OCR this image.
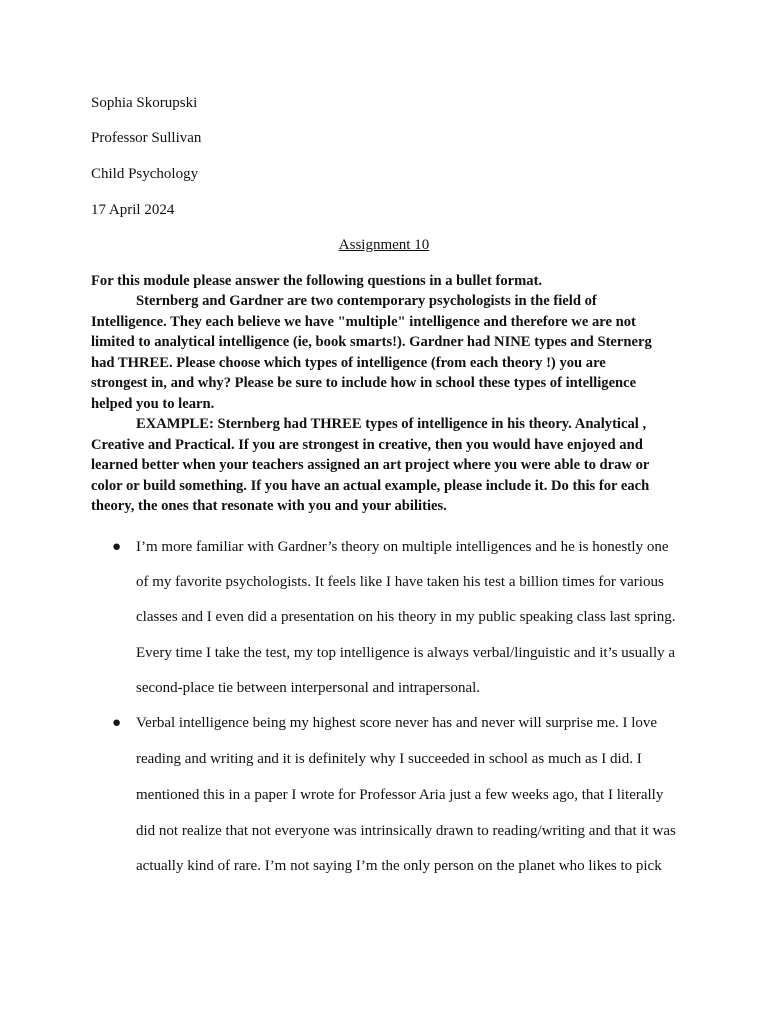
Sophia Skorupski
Professor Sullivan
Child Psychology
17 April 2024
Assignment 10
For this module please answer the following questions in a bullet format.
Sternberg and Gardner are two contemporary psychologists in the field of
Intelligence. They each believe we have "multiple" intelligence and therefore we are not
limited to analytical intelligence (ie, book smarts!). Gardner had NINE types and Sternerg
had THREE. Please choose which types of intelligence (from each theory !) you are
strongest in, and why? Please be sure to include how in school these types of intelligence
helped you to learn.
EXAMPLE: Sternberg had THREE types of intelligence in his theory. Analytical ,
Creative and Practical. If you are strongest in creative, then you would have enjoyed and
learned better when your teachers assigned an art project where you were able to draw or
color or build something. If you have an actual example, please include it. Do this for each
theory, the ones that resonate with you and your abilities.
● I’m more familiar with Gardner’s theory on multiple intelligences and he is honestly one
of my favorite psychologists. It feels like I have taken his test a billion times for various
classes and I even did a presentation on his theory in my public speaking class last spring.
Every time I take the test, my top intelligence is always verbal/linguistic and it’s usually a
second-place tie between interpersonal and intrapersonal.
● Verbal intelligence being my highest score never has and never will surprise me. I love
reading and writing and it is definitely why I succeeded in school as much as I did. I
mentioned this in a paper I wrote for Professor Aria just a few weeks ago, that I literally
did not realize that not everyone was intrinsically drawn to reading/writing and that it was
actually kind of rare. I’m not saying I’m the only person on the planet who likes to pick
